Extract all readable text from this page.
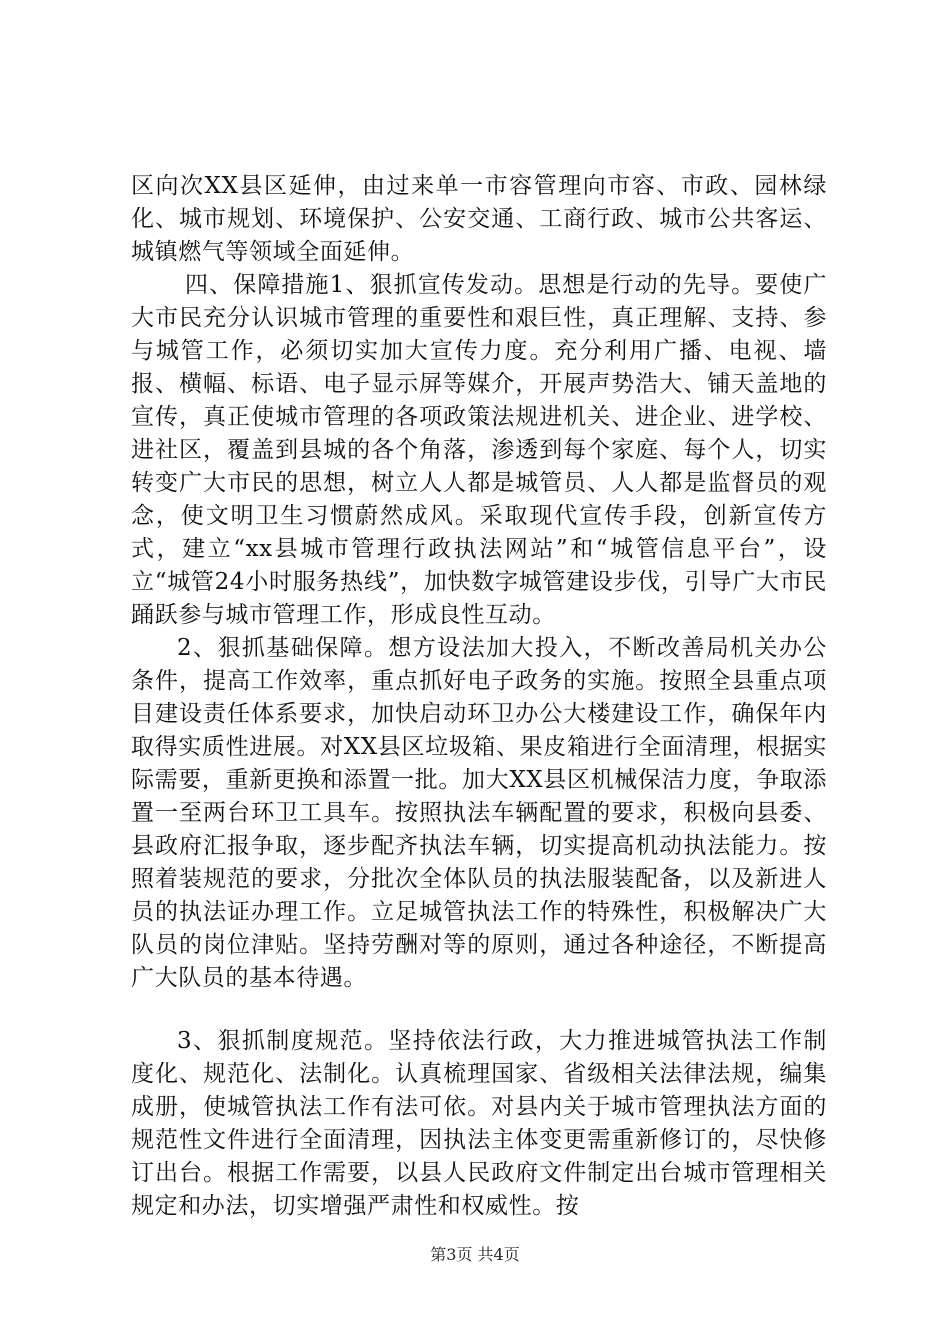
区向次XX县区延伸，由过来单一市容管理向市容、市政、园林绿化、城市规划、环境保护、公安交通、工商行政、城市公共客运、城镇燃气等领域全面延伸。

四、保障措施1、狠抓宣传发动。思想是行动的先导。要使广大市民充分认识城市管理的重要性和艰巨性，真正理解、支持、参与城管工作，必须切实加大宣传力度。充分利用广播、电视、墙报、横幅、标语、电子显示屏等媒介，开展声势浩大、铺天盖地的宣传，真正使城市管理的各项政策法规进机关、进企业、进学校、进社区，覆盖到县城的各个角落，渗透到每个家庭、每个人，切实转变广大市民的思想，树立人人都是城管员、人人都是监督员的观念，使文明卫生习惯蔚然成风。采取现代宣传手段，创新宣传方式，建立“xx县城市管理行政执法网站”和“城管信息平台”，设立“城管24小时服务热线”，加快数字城管建设步伐，引导广大市民踊跃参与城市管理工作，形成良性互动。

2、狠抓基础保障。想方设法加大投入，不断改善局机关办公条件，提高工作效率，重点抓好电子政务的实施。按照全县重点项目建设责任体系要求，加快启动环卫办公大楼建设工作，确保年内取得实质性进展。对XX县区垃圾箱、果皮箱进行全面清理，根据实际需要，重新更换和添置一批。加大XX县区机械保洁力度，争取添置一至两台环卫工具车。按照执法车辆配置的要求，积极向县委、县政府汇报争取，逐步配齐执法车辆，切实提高机动执法能力。按照着装规范的要求，分批次全体队员的执法服装配备，以及新进人员的执法证办理工作。立足城管执法工作的特殊性，积极解决广大队员的岗位津贴。坚持劳酬对等的原则，通过各种途径，不断提高广大队员的基本待遇。

3、狠抓制度规范。坚持依法行政，大力推进城管执法工作制度化、规范化、法制化。认真梳理国家、省级相关法律法规，编集成册，使城管执法工作有法可依。对县内关于城市管理执法方面的规范性文件进行全面清理，因执法主体变更需重新修订的，尽快修订出台。根据工作需要，以县人民政府文件制定出台城市管理相关规定和办法，切实增强严肃性和权威性。按

第3页 共4页
